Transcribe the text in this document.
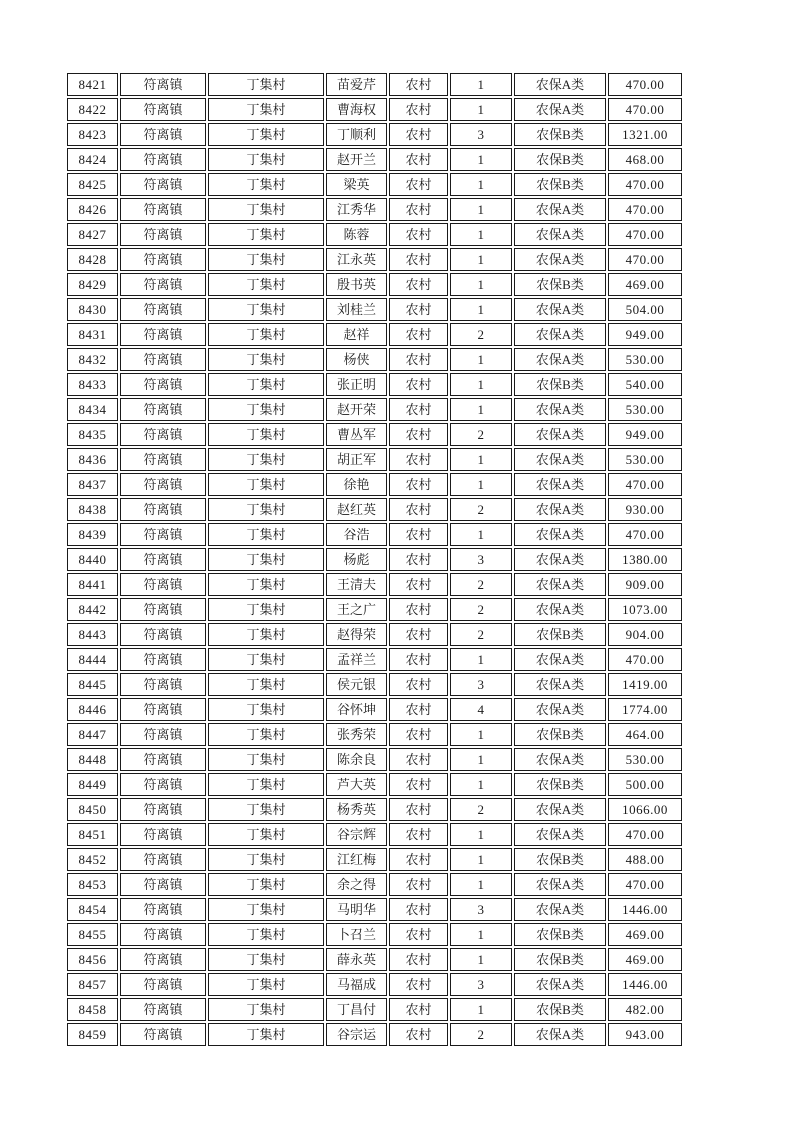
8421	符离镇	丁集村	苗爱芹	农村	1	农保A类	470.00
8422	符离镇	丁集村	曹海权	农村	1	农保A类	470.00
8423	符离镇	丁集村	丁顺利	农村	3	农保B类	1321.00
8424	符离镇	丁集村	赵开兰	农村	1	农保B类	468.00
8425	符离镇	丁集村	梁英	农村	1	农保B类	470.00
8426	符离镇	丁集村	江秀华	农村	1	农保A类	470.00
8427	符离镇	丁集村	陈蓉	农村	1	农保A类	470.00
8428	符离镇	丁集村	江永英	农村	1	农保A类	470.00
8429	符离镇	丁集村	殷书英	农村	1	农保B类	469.00
8430	符离镇	丁集村	刘桂兰	农村	1	农保A类	504.00
8431	符离镇	丁集村	赵祥	农村	2	农保A类	949.00
8432	符离镇	丁集村	杨侠	农村	1	农保A类	530.00
8433	符离镇	丁集村	张正明	农村	1	农保B类	540.00
8434	符离镇	丁集村	赵开荣	农村	1	农保A类	530.00
8435	符离镇	丁集村	曹丛军	农村	2	农保A类	949.00
8436	符离镇	丁集村	胡正军	农村	1	农保A类	530.00
8437	符离镇	丁集村	徐艳	农村	1	农保A类	470.00
8438	符离镇	丁集村	赵红英	农村	2	农保A类	930.00
8439	符离镇	丁集村	谷浩	农村	1	农保A类	470.00
8440	符离镇	丁集村	杨彪	农村	3	农保A类	1380.00
8441	符离镇	丁集村	王清夫	农村	2	农保A类	909.00
8442	符离镇	丁集村	王之广	农村	2	农保A类	1073.00
8443	符离镇	丁集村	赵得荣	农村	2	农保B类	904.00
8444	符离镇	丁集村	孟祥兰	农村	1	农保A类	470.00
8445	符离镇	丁集村	侯元银	农村	3	农保A类	1419.00
8446	符离镇	丁集村	谷怀坤	农村	4	农保A类	1774.00
8447	符离镇	丁集村	张秀荣	农村	1	农保B类	464.00
8448	符离镇	丁集村	陈余良	农村	1	农保A类	530.00
8449	符离镇	丁集村	芦大英	农村	1	农保B类	500.00
8450	符离镇	丁集村	杨秀英	农村	2	农保A类	1066.00
8451	符离镇	丁集村	谷宗辉	农村	1	农保A类	470.00
8452	符离镇	丁集村	江红梅	农村	1	农保B类	488.00
8453	符离镇	丁集村	余之得	农村	1	农保A类	470.00
8454	符离镇	丁集村	马明华	农村	3	农保A类	1446.00
8455	符离镇	丁集村	卜召兰	农村	1	农保B类	469.00
8456	符离镇	丁集村	薛永英	农村	1	农保B类	469.00
8457	符离镇	丁集村	马福成	农村	3	农保A类	1446.00
8458	符离镇	丁集村	丁昌付	农村	1	农保B类	482.00
8459	符离镇	丁集村	谷宗运	农村	2	农保A类	943.00
